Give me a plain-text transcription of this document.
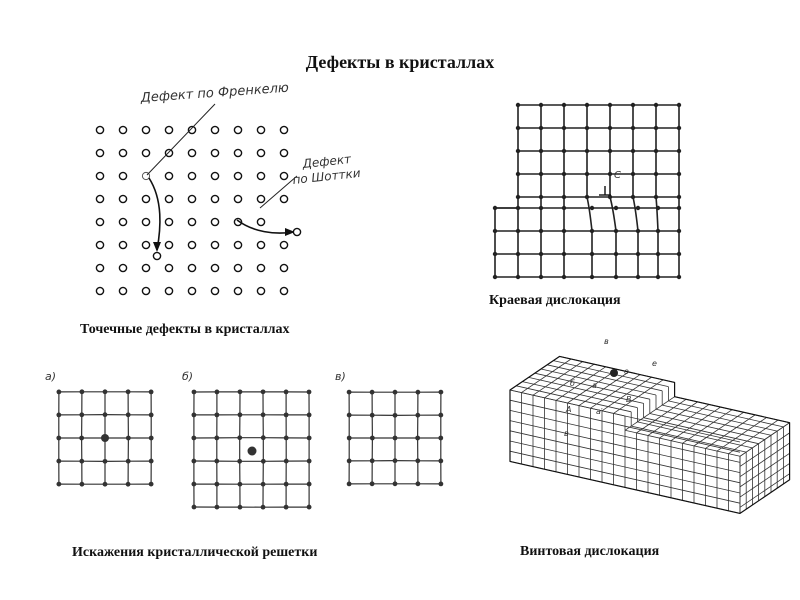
Дефекты в кристаллах
Дефект по Френкелю
Дефект
по Шоттки
Точечные дефекты в кристаллах
C
Краевая дислокация
а)	б)	в)
Искажения кристаллической решетки
в
е
б а
о
А	а′
В
в
Винтовая дислокация
